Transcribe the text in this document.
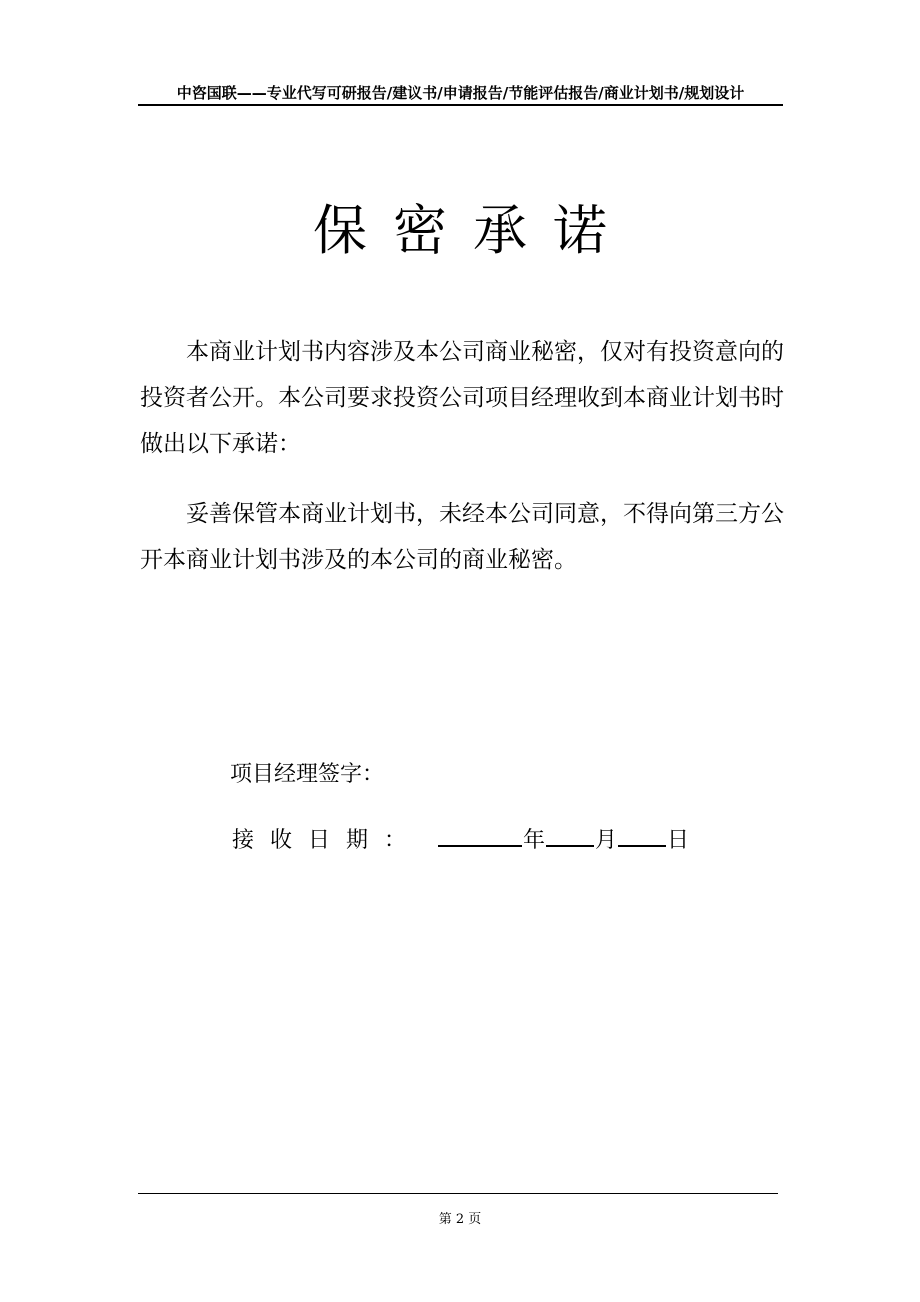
中咨国联——专业代写可研报告/建议书/申请报告/节能评估报告/商业计划书/规划设计
保密承诺

本商业计划书内容涉及本公司商业秘密，仅对有投资意向的投资者公开。本公司要求投资公司项目经理收到本商业计划书时做出以下承诺：

妥善保管本商业计划书，未经本公司同意，不得向第三方公开本商业计划书涉及的本公司的商业秘密。

项目经理签字：
接收日期：	年 月 日
第 2 页
